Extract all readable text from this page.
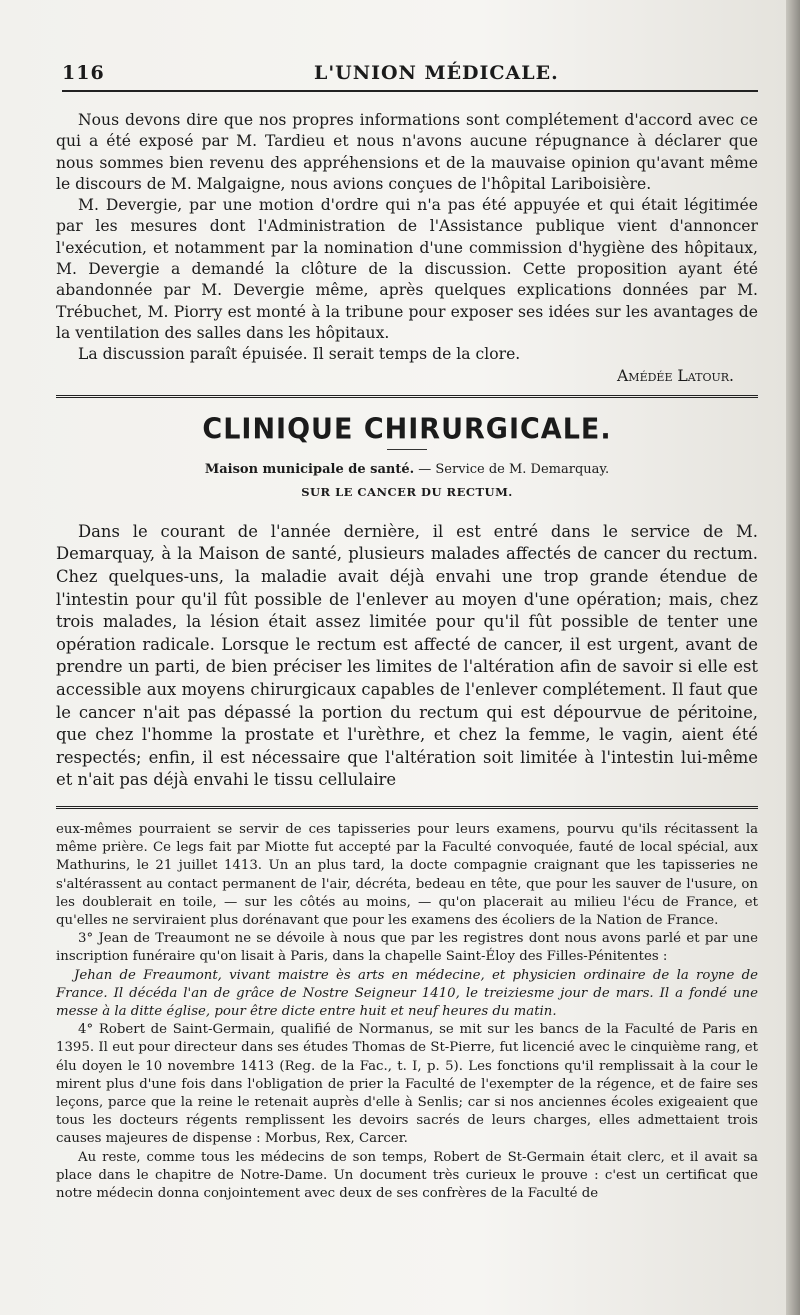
116	L'UNION MÉDICALE.

Nous devons dire que nos propres informations sont complétement d'accord avec ce qui a été exposé par M. Tardieu et nous n'avons aucune répugnance à déclarer que nous sommes bien revenu des appréhensions et de la mauvaise opinion qu'avant même le discours de M. Malgaigne, nous avions conçues de l'hôpital Lariboisière.

M. Devergie, par une motion d'ordre qui n'a pas été appuyée et qui était légitimée par les mesures dont l'Administration de l'Assistance publique vient d'annoncer l'exécution, et notamment par la nomination d'une commission d'hygiène des hôpitaux, M. Devergie a demandé la clôture de la discussion. Cette proposition ayant été abandonnée par M. Devergie même, après quelques explications données par M. Trébuchet, M. Piorry est monté à la tribune pour exposer ses idées sur les avantages de la ventilation des salles dans les hôpitaux.

La discussion paraît épuisée. Il serait temps de la clore.

Amédée Latour.

CLINIQUE CHIRURGICALE.
Maison municipale de santé. — Service de M. Demarquay.
SUR LE CANCER DU RECTUM.

Dans le courant de l'année dernière, il est entré dans le service de M. Demarquay, à la Maison de santé, plusieurs malades affectés de cancer du rectum. Chez quelques-uns, la maladie avait déjà envahi une trop grande étendue de l'intestin pour qu'il fût possible de l'enlever au moyen d'une opération; mais, chez trois malades, la lésion était assez limitée pour qu'il fût possible de tenter une opération radicale. Lorsque le rectum est affecté de cancer, il est urgent, avant de prendre un parti, de bien préciser les limites de l'altération afin de savoir si elle est accessible aux moyens chirurgicaux capables de l'enlever complétement. Il faut que le cancer n'ait pas dépassé la portion du rectum qui est dépourvue de péritoine, que chez l'homme la prostate et l'urèthre, et chez la femme, le vagin, aient été respectés; enfin, il est nécessaire que l'altération soit limitée à l'intestin lui-même et n'ait pas déjà envahi le tissu cellulaire

eux-mêmes pourraient se servir de ces tapisseries pour leurs examens, pourvu qu'ils récitassent la même prière. Ce legs fait par Miotte fut accepté par la Faculté convoquée, fauté de local spécial, aux Mathurins, le 21 juillet 1413. Un an plus tard, la docte compagnie craignant que les tapisseries ne s'altérassent au contact permanent de l'air, décréta, bedeau en tête, que pour les sauver de l'usure, on les doublerait en toile, — sur les côtés au moins, — qu'on placerait au milieu l'écu de France, et qu'elles ne serviraient plus dorénavant que pour les examens des écoliers de la Nation de France.

3° Jean de Treaumont ne se dévoile à nous que par les registres dont nous avons parlé et par une inscription funéraire qu'on lisait à Paris, dans la chapelle Saint-Éloy des Filles-Pénitentes :

Jehan de Freaumont, vivant maistre ès arts en médecine, et physicien ordinaire de la royne de France. Il décéda l'an de grâce de Nostre Seigneur 1410, le treiziesme jour de mars. Il a fondé une messe à la ditte église, pour être dicte entre huit et neuf heures du matin.

4° Robert de Saint-Germain, qualifié de Normanus, se mit sur les bancs de la Faculté de Paris en 1395. Il eut pour directeur dans ses études Thomas de St-Pierre, fut licencié avec le cinquième rang, et élu doyen le 10 novembre 1413 (Reg. de la Fac., t. I, p. 5). Les fonctions qu'il remplissait à la cour le mirent plus d'une fois dans l'obligation de prier la Faculté de l'exempter de la régence, et de faire ses leçons, parce que la reine le retenait auprès d'elle à Senlis; car si nos anciennes écoles exigeaient que tous les docteurs régents remplissent les devoirs sacrés de leurs charges, elles admettaient trois causes majeures de dispense : Morbus, Rex, Carcer.

Au reste, comme tous les médecins de son temps, Robert de St-Germain était clerc, et il avait sa place dans le chapitre de Notre-Dame. Un document très curieux le prouve : c'est un certificat que notre médecin donna conjointement avec deux de ses confrères de la Faculté de
